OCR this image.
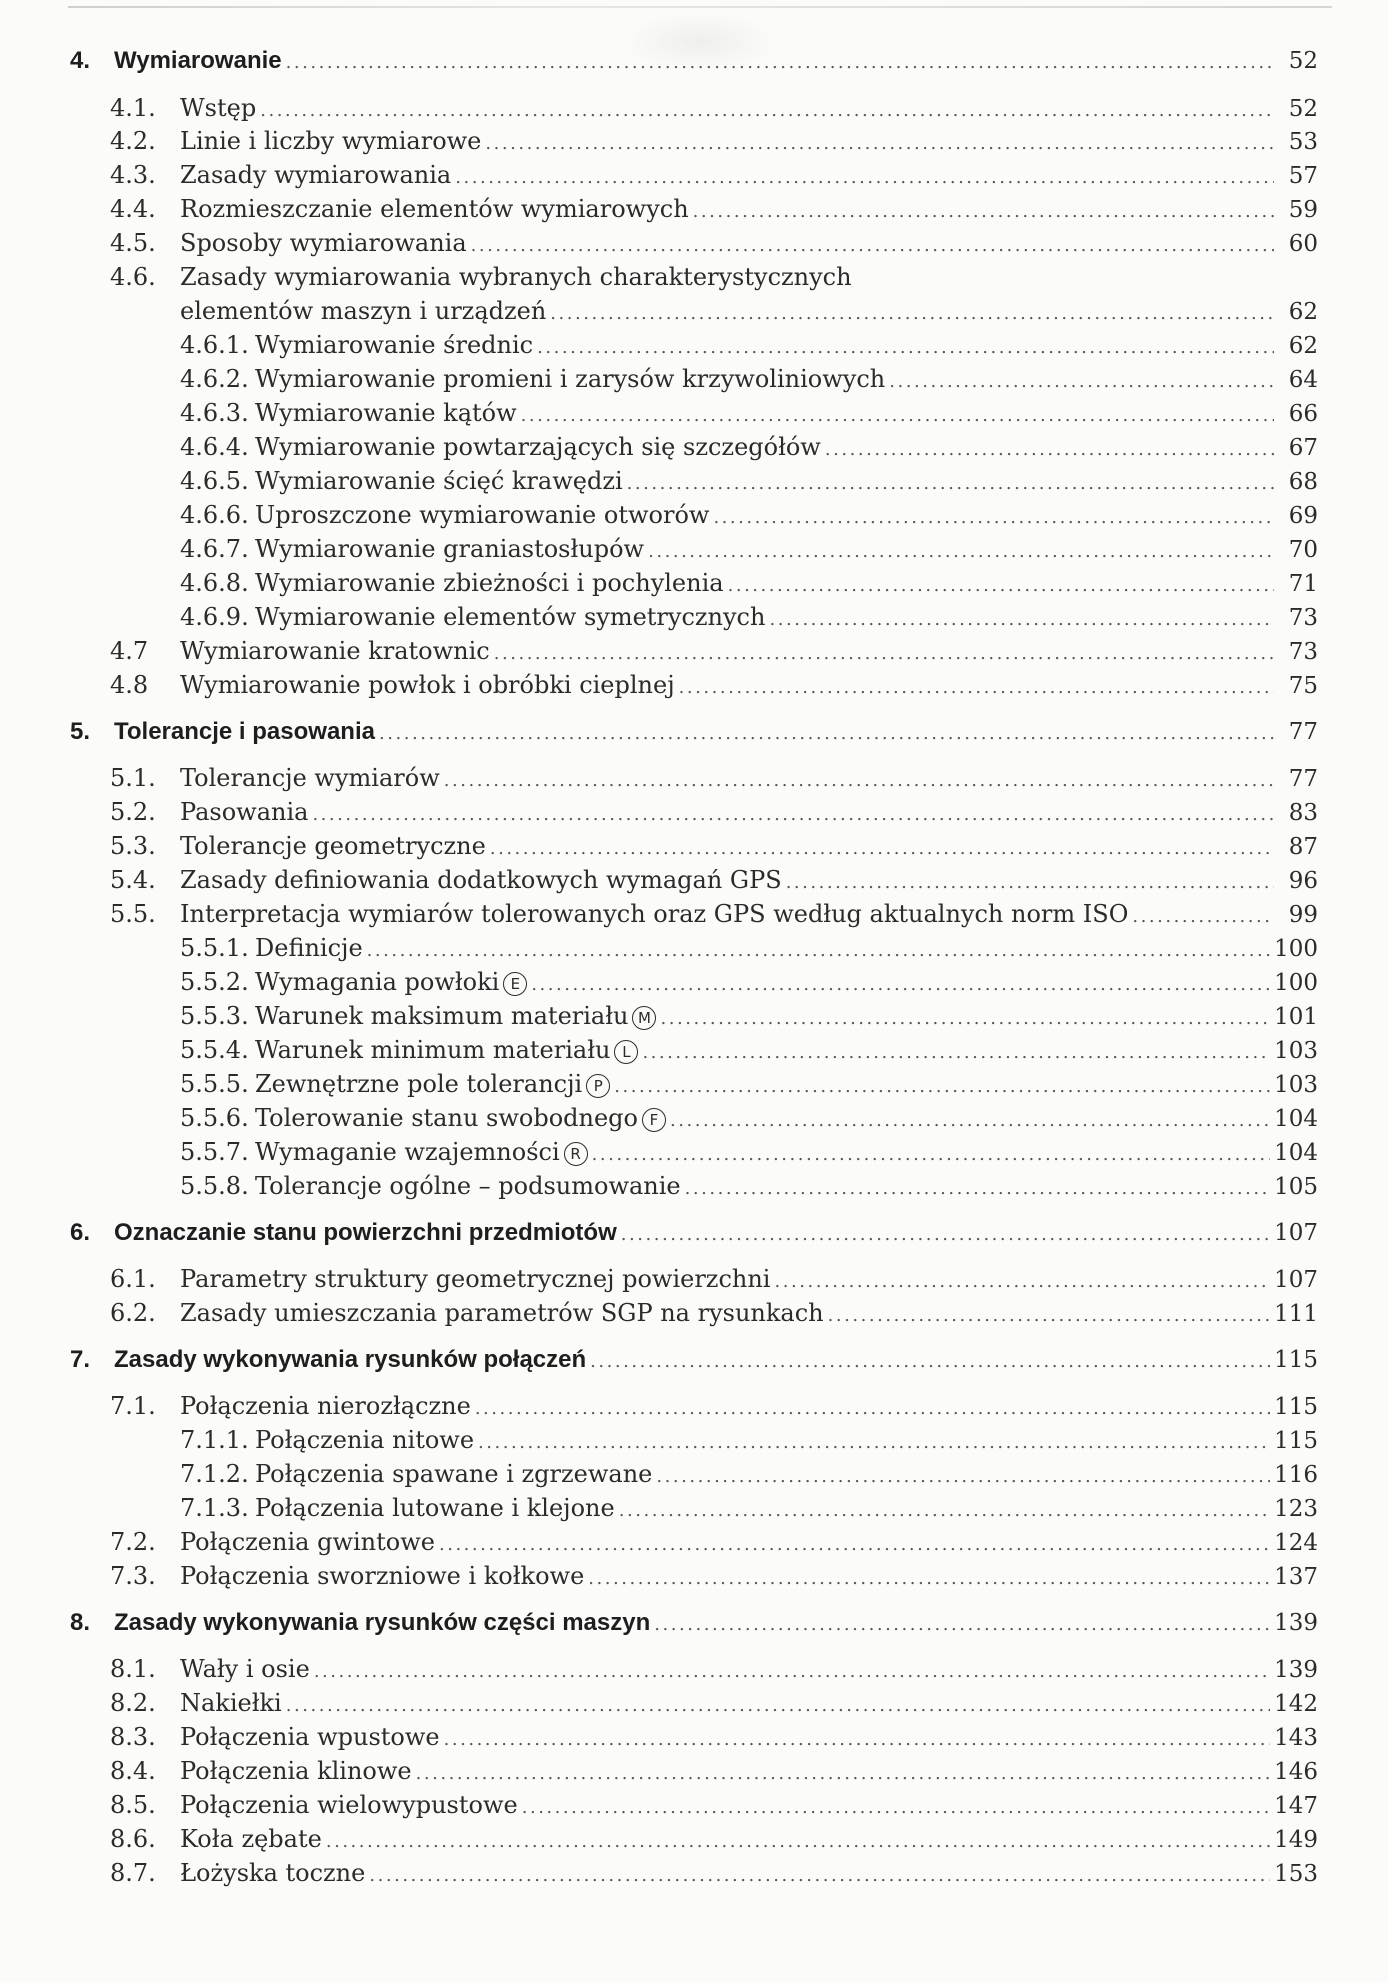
4. Wymiarowanie . . .	52
4.1.	Wstęp . . .	52
4.2.	Linie i liczby wymiarowe . . .	53
4.3.	Zasady wymiarowania . . .	57
4.4.	Rozmieszczanie elementów wymiarowych . . .	59
4.5.	Sposoby wymiarowania . . .	60
4.6.	Zasady wymiarowania wybranych charakterystycznych
elementów maszyn i urządzeń . . .	62
4.6.1. Wymiarowanie średnic . . .	62
4.6.2. Wymiarowanie promieni i zarysów krzywoliniowych . . .	64
4.6.3. Wymiarowanie kątów . . .	66
4.6.4. Wymiarowanie powtarzających się szczegółów . . .	67
4.6.5. Wymiarowanie ścięć krawędzi . . .	68
4.6.6. Uproszczone wymiarowanie otworów . . .	69
4.6.7. Wymiarowanie graniastosłupów . . .	70
4.6.8. Wymiarowanie zbieżności i pochylenia . . .	71
4.6.9. Wymiarowanie elementów symetrycznych . . .	73
4.7	Wymiarowanie kratownic . . .	73
4.8	Wymiarowanie powłok i obróbki cieplnej . . .	75
5. Tolerancje i pasowania . . .	77
5.1.	Tolerancje wymiarów . . .	77
5.2.	Pasowania . . .	83
5.3.	Tolerancje geometryczne . . .	87
5.4.	Zasady definiowania dodatkowych wymagań GPS . . .	96
5.5.	Interpretacja wymiarów tolerowanych oraz GPS według aktualnych norm ISO . . .	99
5.5.1. Definicje . . .	100
5.5.2. Wymagania powłoki E . . .	100
5.5.3. Warunek maksimum materiału M . . .	101
5.5.4. Warunek minimum materiału L . . .	103
5.5.5. Zewnętrzne pole tolerancji P . . .	103
5.5.6. Tolerowanie stanu swobodnego F . . .	104
5.5.7. Wymaganie wzajemności R . . .	104
5.5.8. Tolerancje ogólne – podsumowanie . . .	105
6. Oznaczanie stanu powierzchni przedmiotów . . .	107
6.1.	Parametry struktury geometrycznej powierzchni . . .	107
6.2.	Zasady umieszczania parametrów SGP na rysunkach . . .	111
7. Zasady wykonywania rysunków połączeń . . .	115
7.1.	Połączenia nierozłączne . . .	115
7.1.1. Połączenia nitowe . . .	115
7.1.2. Połączenia spawane i zgrzewane . . .	116
7.1.3. Połączenia lutowane i klejone . . .	123
7.2.	Połączenia gwintowe . . .	124
7.3.	Połączenia sworzniowe i kołkowe . . .	137
8. Zasady wykonywania rysunków części maszyn . . .	139
8.1.	Wały i osie . . .	139
8.2.	Nakiełki . . .	142
8.3.	Połączenia wpustowe . . .	143
8.4.	Połączenia klinowe . . .	146
8.5.	Połączenia wielowypustowe . . .	147
8.6.	Koła zębate . . .	149
8.7.	Łożyska toczne . . .	153
